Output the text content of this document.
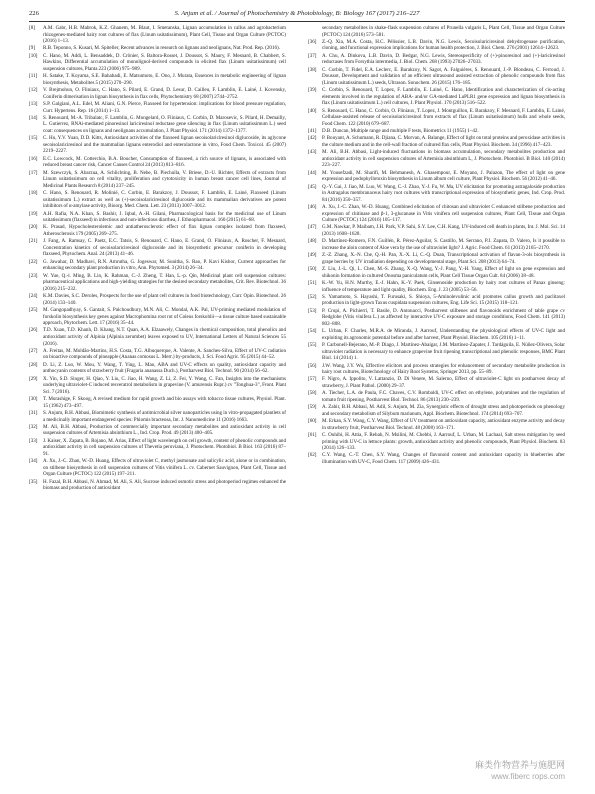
226	S. Anjum et al. / Journal of Photochemistry & Photobiology, B: Biology 167 (2017) 216–227
[8] A.M. Gabr, H.B. Mabrok, K.Z. Ghanem, M. Blaut, I. Smetanska, Lignan accumulation in callus and agrobacterium rhizogenes-mediated hairy root cultures of flax (Linum usitatissimum), Plant Cell, Tissue and Organ Culture (PCTOC) (2016) 1–13.
[9] R.B. Teponno, S. Kusari, M. Spiteller, Recent advances in research on lignans and neolignans, Nat. Prod. Rep. (2016).
[10] C. Hano, M. Addi, L. Bensaddek, D. Crônier, S. Baltora-Rosset, J. Doussot, S. Maury, F. Mesnard, B. Chabbert, S. Hawkins, Differential accumulation of monolignol-derived compounds in elicited flax (Linum usitatissimum) cell suspension cultures, Planta 223 (2006) 975–989.
[11] H. Satake, T. Koyama, S.E. Bahabadi, E. Matsumoto, E. Ono, J. Murata, Essences in metabolic engineering of lignan biosynthesis, Metabolites 5 (2015) 270–290.
[12] V. Brejmohun, O. Fliniaux, C. Hano, S. Pilard, E. Grand, D. Lesur, D. Cailleu, F. Lamblin, E. Lainé, J. Kovensky, Coniferin dimerisation in lignan biosynthesis in flax cells, Phytochemistry 68 (2007) 2744–2752.
[13] S.P. Galgiani, A.L. Edel, M. Aliani, G.N. Pierce, Flaxseed for hypertension: implications for blood pressure regulation, Curr. Hypertens. Rep. 16 (2014) 1–13.
[14] S. Renouard, M.-A. Tribalatc, F. Lamblin, G. Mongelard, O. Fliniaux, C. Corbin, D. Marosevic, S. Pilard, H. Demailly, L. Gutierrez, RNAi-mediated pinoresinol lariciresinol reductase gene silencing in flax (Linum usitatissimum L.) seed coat: consequences on lignans and neolignans accumulation, J. Plant Physiol. 171 (2014) 1372–1377.
[15] C. Hu, Y.V. Yuan, D.D. Kitts, Antioxidant activities of the flaxseed lignan secoisolariciresinol diglucoside, its aglycone secoisolariciresinol and the mammalian lignans enterodiol and enterolactone in vitro, Food Chem. Toxicol. 45 (2007) 2219–2227.
[16] E.C. Lowcock, M. Cotterchio, B.A. Boucher, Consumption of flaxseed, a rich source of lignans, is associated with reduced breast cancer risk, Cancer Causes Control 24 (2013) 813–816.
[17] M. Szewczyk, S. Abarzua, A. Schlichting, B. Nebe, B. Piechulla, V. Briese, D.-U. Richter, Effects of extracts from Linum usitatissimum on cell vitality, proliferation and cytotoxicity in human breast cancer cell lines, Journal of Medicinal Plants Research 8 (2014) 237–245.
[18] C. Hano, S. Renouard, R. Molinié, C. Corbin, E. Barakzoy, J. Doussot, F. Lamblin, E. Lainé, Flaxseed (Linum usitatissimum L.) extract as well as (+)-secoisolariciresinol diglucoside and its mammalian derivatives are potent inhibitors of α-amylase activity, Bioorg. Med. Chem. Lett. 23 (2013) 3007–3012.
[19] A.H. Rafia, N.A. Khan, S. Bashir, J. Iqbal, A.-H. Gilani, Pharmacological basis for the medicinal use of Linum usitatissimum (flaxseed) in infectious and non-infectious diarrhea, J. Ethnopharmacol. 160 (2015) 61–68.
[20] K. Prasad, Hypocholesterolemic and antiatherosclerotic effect of flax lignan complex isolated from flaxseed, Atherosclerosis 179 (2005) 269–275.
[21] J. Fang, A. Ramsay, C. Paetz, E.C. Tatsis, S. Renouard, C. Hano, E. Grand, O. Fliniaux, A. Roscher, F. Mesnard, Concentration kinetics of secoisolariciresinol diglucoside and its biosynthetic precursor coniferin in developing flaxseed, Phytochem. Anal. 24 (2013) 41–46.
[22] G. Jawahar, D. Madhavi, R.N. Amrutha, G. Jogeswar, M. Sunitha, S. Rao, P. Kavi Kishor, Current approaches for enhancing secondary plant production in vitro, Ann. Phytomed. 3 (2014) 26–34.
[23] W. Yue, Q.-l. Ming, B. Lin, K. Rahman, C.-J. Zheng, T. Han, L.-p. Qin, Medicinal plant cell suspension cultures: pharmaceutical applications and high-yielding strategies for the desired secondary metabolites, Crit. Rev. Biotechnol. 36 (2016) 215–232.
[24] K.M. Davies, S.C. Deroles, Prospects for the use of plant cell cultures in food biotechnology, Curr. Opin. Biotechnol. 26 (2014) 133–140.
[25] M. Gangopadhyay, S. Gantait, S. Palchoudhury, M.N. Ali, C. Mondal, A.K. Pal, UV-priming mediated modulation of forskolin biosynthesis key genes against Macrophomina root rot of Coleus forskohlii—a tissue culture based sustainable approach, Phytochem. Lett. 17 (2016) 35–44.
[26] T.D. Xuan, T.D. Khanh, D. Khang, N.T. Quan, A.A. Elzaawely, Changes in chemical composition, total phenolics and antioxidant activity of Alpinia (Alpinia zerumbet) leaves exposed to UV, International Letters of Natural Sciences 55 (2016).
[27] A. Freitas, M. Moldão-Martins, H.S. Costa, T.G. Albuquerque, A. Valente, A. Sanches-Silva, Effect of UV-C radiation on bioactive compounds of pineapple (Ananas comosus L. Merr.) by-products, J. Sci. Food Agric. 95 (2015) 44–52.
[28] D. Li, Z. Luo, W. Mou, Y. Wang, T. Ying, L. Mao, ABA and UV-C effects on quality, antioxidant capacity and anthocyanin contents of strawberry fruit (Fragaria ananassa Duch.), Postharvest Biol. Technol. 90 (2014) 56–62.
[29] X. Yin, S.D. Singer, H. Qiao, Y. Liu, C. Jiao, H. Wang, Z. Li, Z. Fei, Y. Wang, C. Fan, Insights into the mechanisms underlying ultraviolet-C induced resveratrol metabolism in grapevine (V. amurensis Rupr.) cv "Tonghua-3", Front. Plant Sci. 7 (2016).
[30] T. Murashige, F. Skoog, A revised medium for rapid growth and bio assays with tobacco tissue cultures, Physiol. Plant. 15 (1962) 473–497.
[31] S. Anjum, B.H. Abbasi, Biomimetic synthesis of antimicrobial silver nanoparticles using in vitro-propagated plantlets of a medicinally important endangered species: Phlomis bracteosa, Int. J. Nanomedicine 11 (2016) 1663.
[32] M. Ali, B.H. Abbasi, Production of commercially important secondary metabolites and antioxidant activity in cell suspension cultures of Artemisia absinthium L., Ind. Crop. Prod. 49 (2013) 400–405.
[33] J. Kaiser, X. Zapata, B. Rojano, M. Arias, Effect of light wavelength on cell growth, content of phenolic compounds and antioxidant activity in cell suspension cultures of Thevetia peruviana, J. Photochem. Photobiol. B Biol. 163 (2016) 87–91.
[34] A. Xu, J.-C. Zhan, W.-D. Huang, Effects of ultraviolet C, methyl jasmonate and salicylic acid, alone or in combination, on stilbene biosynthesis in cell suspension cultures of Vitis vinifera L. cv. Cabernet Sauvignon, Plant Cell, Tissue and Organ Culture (PCTOC) 122 (2015) 197–211.
[35] H. Fazal, B.H. Abbasi, N. Ahmad, M. Ali, S. Ali, Sucrose induced osmotic stress and photoperiod regimes enhanced the biomass and production of antioxidant
secondary metabolites in shake-flask suspension cultures of Prunella vulgaris L, Plant Cell, Tissue and Organ Culture (PCTOC) 124 (2016) 573–581.
[36] Z.-Q. Xia, M.A. Costa, H.C. Pélissier, L.B. Davin, N.G. Lewis, Secoisolariciresinol dehydrogenase purification, cloning, and functional expression implications for human health protection, J. Biol. Chem. 276 (2001) 12614–12623.
[37] A. Chu, A. Dinkova, L.B. Davin, D. Bedgar, N.G. Lewis, Stereospecificity of (+)-pinoresinol and (+)-lariciresinol reductases from Forsythia intermedia, J. Biol. Chem. 268 (1993) 27026–27033.
[38] C. Corbin, T. Fidel, E.A. Leclerc, E. Barakzoy, N. Sagot, A. Falguières, S. Renouard, J.-P. Blondeau, C. Ferroud, J. Doussot, Development and validation of an efficient ultrasound assisted extraction of phenolic compounds from flax (Linum usitatissimum L.) seeds, Ultrason. Sonochem. 26 (2015) 176–185.
[39] C. Corbin, S. Renouard, T. Lopez, F. Lamblin, E. Lainé, C. Hano, Identification and characterization of cis-acting elements involved in the regulation of ABA- and/or GA-mediated LuPLR1 gene expression and lignan biosynthesis in flax (Linum usitatissimum L.) cell cultures, J. Plant Physiol. 170 (2013) 516–522.
[40] S. Renouard, C. Hano, C. Corbin, O. Fliniaux, T. Lopez, J. Montguillon, E. Barakzoy, F. Mesnard, F. Lamblin, E. Lainé, Cellulase-assisted release of secoisolariciresinol from extracts of flax (Linum usitatissimum) hulls and whole seeds, Food Chem. 122 (2010) 679–687.
[41] D.B. Duncan, Multiple range and multiple F tests, Biometrics 11 (1955) 1–42.
[42] P. Bouyant, A. Schumann, R. Djiana, C. Morvan, A. Balange, Effect of light on total proteins and peroxidase activities in the culture medium and in the cell-wall fraction of cultured flax cells, Plant Physiol. Biochem. 34 (1996) 417–423.
[43] M. Ali, B.H. Abbasi, Light-induced fluctuations in biomass accumulation, secondary metabolites production and antioxidant activity in cell suspension cultures of Artemisia absinthium L, J. Photochem. Photobiol. B Biol. 140 (2014) 223–227.
[44] M. Yousefzadi, M. Sharifi, M. Behmanesh, A. Ghasempour, E. Moyano, J. Palazon, The effect of light on gene expression and podophyllotoxin biosynthesis in Linum album cell culture, Plant Physiol. Biochem. 56 (2012) 41–46.
[45] Q.-Y. Gai, J. Jiao, M. Luo, W. Wang, C.-J. Zhao, Y.-J. Fu, W. Ma, UV elicitation for promoting astragaloside production in Astragalus membranaceus hairy root cultures with transcriptional expression of biosynthetic genes, Ind. Crop. Prod. 84 (2016) 350–357.
[46] A. Xu, J.-C. Zhan, W.-D. Huang, Combined elicitation of chitosan and ultraviolet C enhanced stilbene production and expression of chitinase and β-1, 3-glucanase in Vitis vinifera cell suspension cultures, Plant Cell, Tissue and Organ Culture (PCTOC) 124 (2016) 105–117.
[47] G.M. Nawkar, P. Maibam, J.H. Park, V.P. Sahi, S.Y. Lee, C.H. Kang, UV-induced cell death in plants, Int. J. Mol. Sci. 14 (2013) 1608–1628.
[48] D. Martínez-Romero, F.N. Guillén, R. Pérez-Aguilar, S. Castillo, M. Serrano, P.J. Zapata, D. Valero, Is it possible to increase the aloin content of Aloe vera by the use of ultraviolet light? J. Agric. Food Chem. 61 (2013) 2165–2170.
[49] Z.-Z. Zhang, X.-N. Che, Q.-H. Pan, X.-X. Li, C.-Q. Duan, Transcriptional activation of flavan-3-ols biosynthesis in grape berries by UV irradiation depending on developmental stage, Plant Sci. 208 (2013) 64–74.
[50] Z. Liu, J.-L. Qi, L. Chen, M.-S. Zhang, X.-Q. Wang, Y.-J. Pang, Y.-H. Yang, Effect of light on gene expression and shikonin formation in cultured Onosma paniculatum cells, Plant Cell Tissue Organ Cult. 84 (2006) 38–48.
[51] K.-W. Yu, H.N. Murthy, E.-J. Hahn, K.-Y. Paek, Ginsenoside production by hairy root cultures of Panax ginseng: influence of temperature and light quality, Biochem. Eng. J. 23 (2005) 53–56.
[52] S. Yamamoto, S. Hayashi, T. Furusaki, S. Shioya, 5-Aminolevulinic acid promotes callus growth and paclitaxel production in light-grown Taxus cuspidata suspension cultures, Eng. Life Sci. 15 (2015) 118–121.
[53] P. Crupi, A. Pichierri, T. Basile, D. Antonacci, Postharvest stilbenes and flavonoids enrichment of table grape cv Redglobe (Vitis vinifera L.) as affected by interactive UV-C exposure and storage conditions, Food Chem. 141 (2013) 802–808.
[54] L. Urban, F. Charles, M.R.A. de Miranda, J. Aarrouf, Understanding the physiological effects of UV-C light and exploiting its agronomic potential before and after harvest, Plant Physiol. Biochem. 105 (2016) 1–11.
[55] P. Carbonell-Bejerano, M.-P. Diago, J. Martínez-Abaigar, J.M. Martínez-Zapater, J. Tardáguila, E. Núñez-Olivera, Solar ultraviolet radiation is necessary to enhance grapevine fruit ripening transcriptional and phenolic responses, BMC Plant Biol. 14 (2014) 1.
[56] J.W. Wang, J.Y. Wu, Effective elicitors and process strategies for enhancement of secondary metabolite production in hairy root cultures, Biotechnology of Hairy Root Systems, Springer 2013, pp. 55–89.
[57] F. Nigro, A. Ippolito, V. Lattanzio, D. Di Venere, M. Salerno, Effect of ultraviolet-C light on postharvest decay of strawberry, J. Plant Pathol. (2000) 29–37.
[58] A. Tiecher, L.A. de Paula, F.C. Chaves, C.V. Rombaldi, UV-C effect on ethylene, polyamines and the regulation of tomato fruit ripening, Postharvest Biol. Technol. 86 (2013) 230–239.
[59] A. Zahir, B.H. Abbasi, M. Adil, S. Anjum, M. Zia, Synergistic effects of drought stress and photoperiods on phenology and secondary metabolism of Silybum marianum, Appl. Biochem. Biotechnol. 174 (2014) 693–707.
[60] M. Erkan, S.Y. Wang, C.Y. Wang, Effect of UV treatment on antioxidant capacity, antioxidant enzyme activity and decay in strawberry fruit, Postharvest Biol. Technol. 48 (2008) 163–171.
[61] C. Ouhibi, H. Attia, F. Rebah, N. Msilini, M. Chebbi, J. Aarrouf, L. Urban, M. Lachaal, Salt stress mitigation by seed priming with UV-C in lettuce plants: growth, antioxidant activity and phenolic compounds, Plant Physiol. Biochem. 83 (2014) 126–133.
[62] C.Y. Wang, C.-T. Chen, S.Y. Wang, Changes of flavonoid content and antioxidant capacity in blueberries after illumination with UV-C, Food Chem. 117 (2009) 426–431.
麻类作物营养与施肥网
www.fiberc rops.com
